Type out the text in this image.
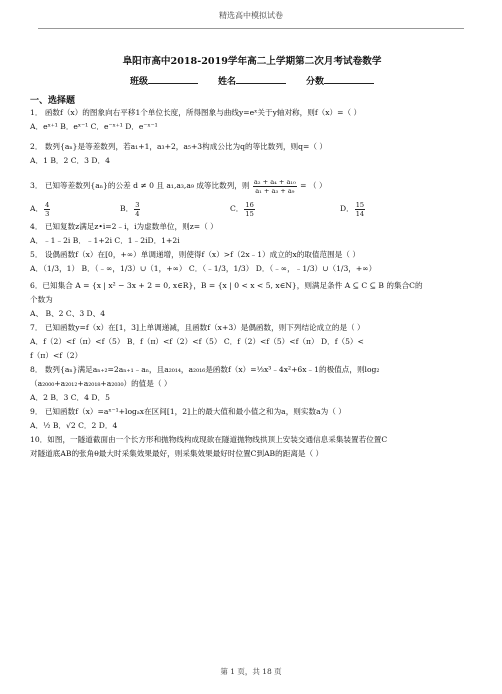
精选高中模拟试卷
阜阳市高中2018-2019学年高二上学期第二次月考试卷数学
班级	姓名	分数
一、选择题
1． 函数f（x）的图象向右平移1个单位长度，所得图象与曲线y=eˣ关于y轴对称，则f（x）=（ ）
A．eˣ⁺¹ B．eˣ⁻¹ C．e⁻ˣ⁺¹ D．e⁻ˣ⁻¹
2． 数列{aₙ}是等差数列，若a₁+1，a₃+2，a₅+3构成公比为q的等比数列，则q=（ ）
A．1 B．2 C．3 D．4
3． 已知等差数列{aₙ}的公差 d ≠ 0 且 a₁,a₃,a₉ 成等比数列，则 $\frac{\text{a₂ + a₄ + a₁₀}}{\text{a₁ + a₃ + a₉}}$ = （ ）
A． $\frac{4}{3}$	B． $\frac{3}{4}$	C． $\frac{16}{15}$	D． $\frac{15}{14}$
4． 已知复数z满足z•i=2﹣i，i为虚数单位，则z=（ ）
A．﹣1﹣2i B．﹣1+2i C．1﹣2iD．1+2i
5． 设偶函数f（x）在[0，+∞）单调递增，则使得f（x）>f（2x﹣1）成立的x的取值范围是（ ）
A．（1/3，1） B．（﹣∞，1/3）∪（1，+∞） C．（﹣1/3，1/3） D．（﹣∞，﹣1/3）∪（1/3，+∞）
6．已知集合 A = {x | x² − 3x + 2 = 0, x∈R}，B = {x | 0 < x < 5, x∈N}，则满足条件 A ⊆ C ⊆ B 的集合C的
个数为
A、 B、2 C、3 D、4
7． 已知函数y=f（x）在[1，3]上单调递减，且函数f（x+3）是偶函数，则下列结论成立的是（ ）
A．f（2）<f（π）<f（5） B．f（π）<f（2）<f（5） C．f（2）<f（5）<f（π） D．f（5）<
f（π）<f（2）
8． 数列{aₙ}满足aₙ₊₂=2aₙ₊₁﹣aₙ，且a₂₀₁₄，a₂₀₁₆是函数f（x）=⅓x³﹣4x²+6x﹣1的极值点，则log₂
（a₂₀₀₀+a₂₀₁₂+a₂₀₁₈+a₂₀₃₀）的值是（ ）
A．2 B．3 C．4 D．5
9． 已知函数f（x）=aˣ⁻¹+logₐx在区间[1，2]上的最大值和最小值之和为a，则实数a为（ ）
A．½ B．√2 C．2 D．4
10．如图，一隧道截面由一个长方形和抛物线构成现欲在隧道抛物线拱顶上安装交通信息采集装置若位置C
对隧道底AB的张角θ最大时采集效果最好，则采集效果最好时位置C到AB的距离是（ ）
第 1 页，共 18 页
